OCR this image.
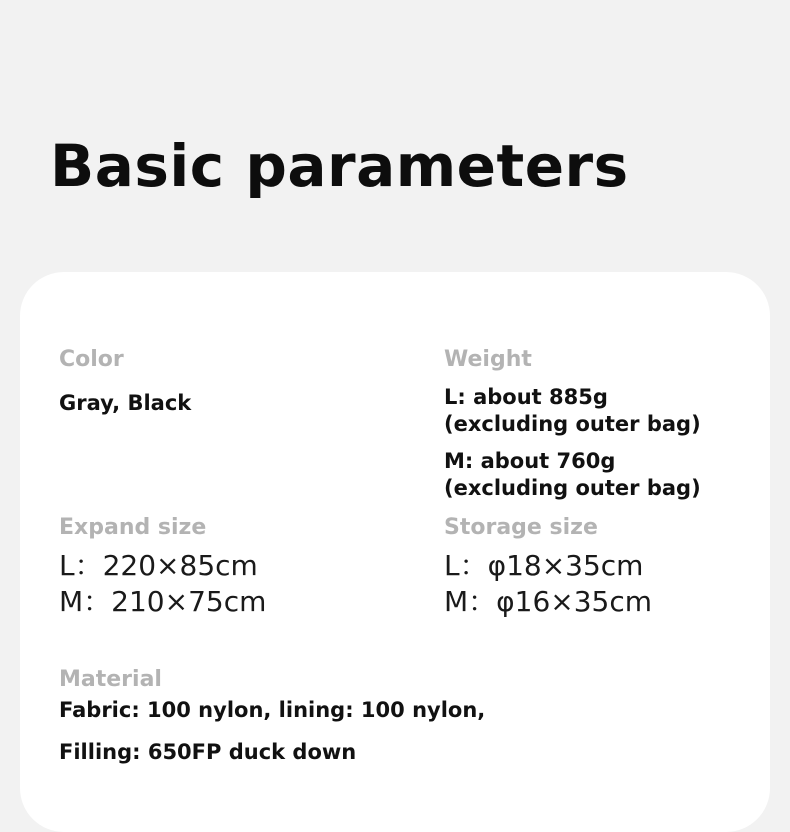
Basic parameters
Color
Gray, Black
Weight
L: about 885g
(excluding outer bag)
M: about 760g
(excluding outer bag)
Expand size
L：220×85cm
M：210×75cm
Storage size
L：φ18×35cm
M：φ16×35cm
Material
Fabric: 100 nylon, lining: 100 nylon,
Filling: 650FP duck down
